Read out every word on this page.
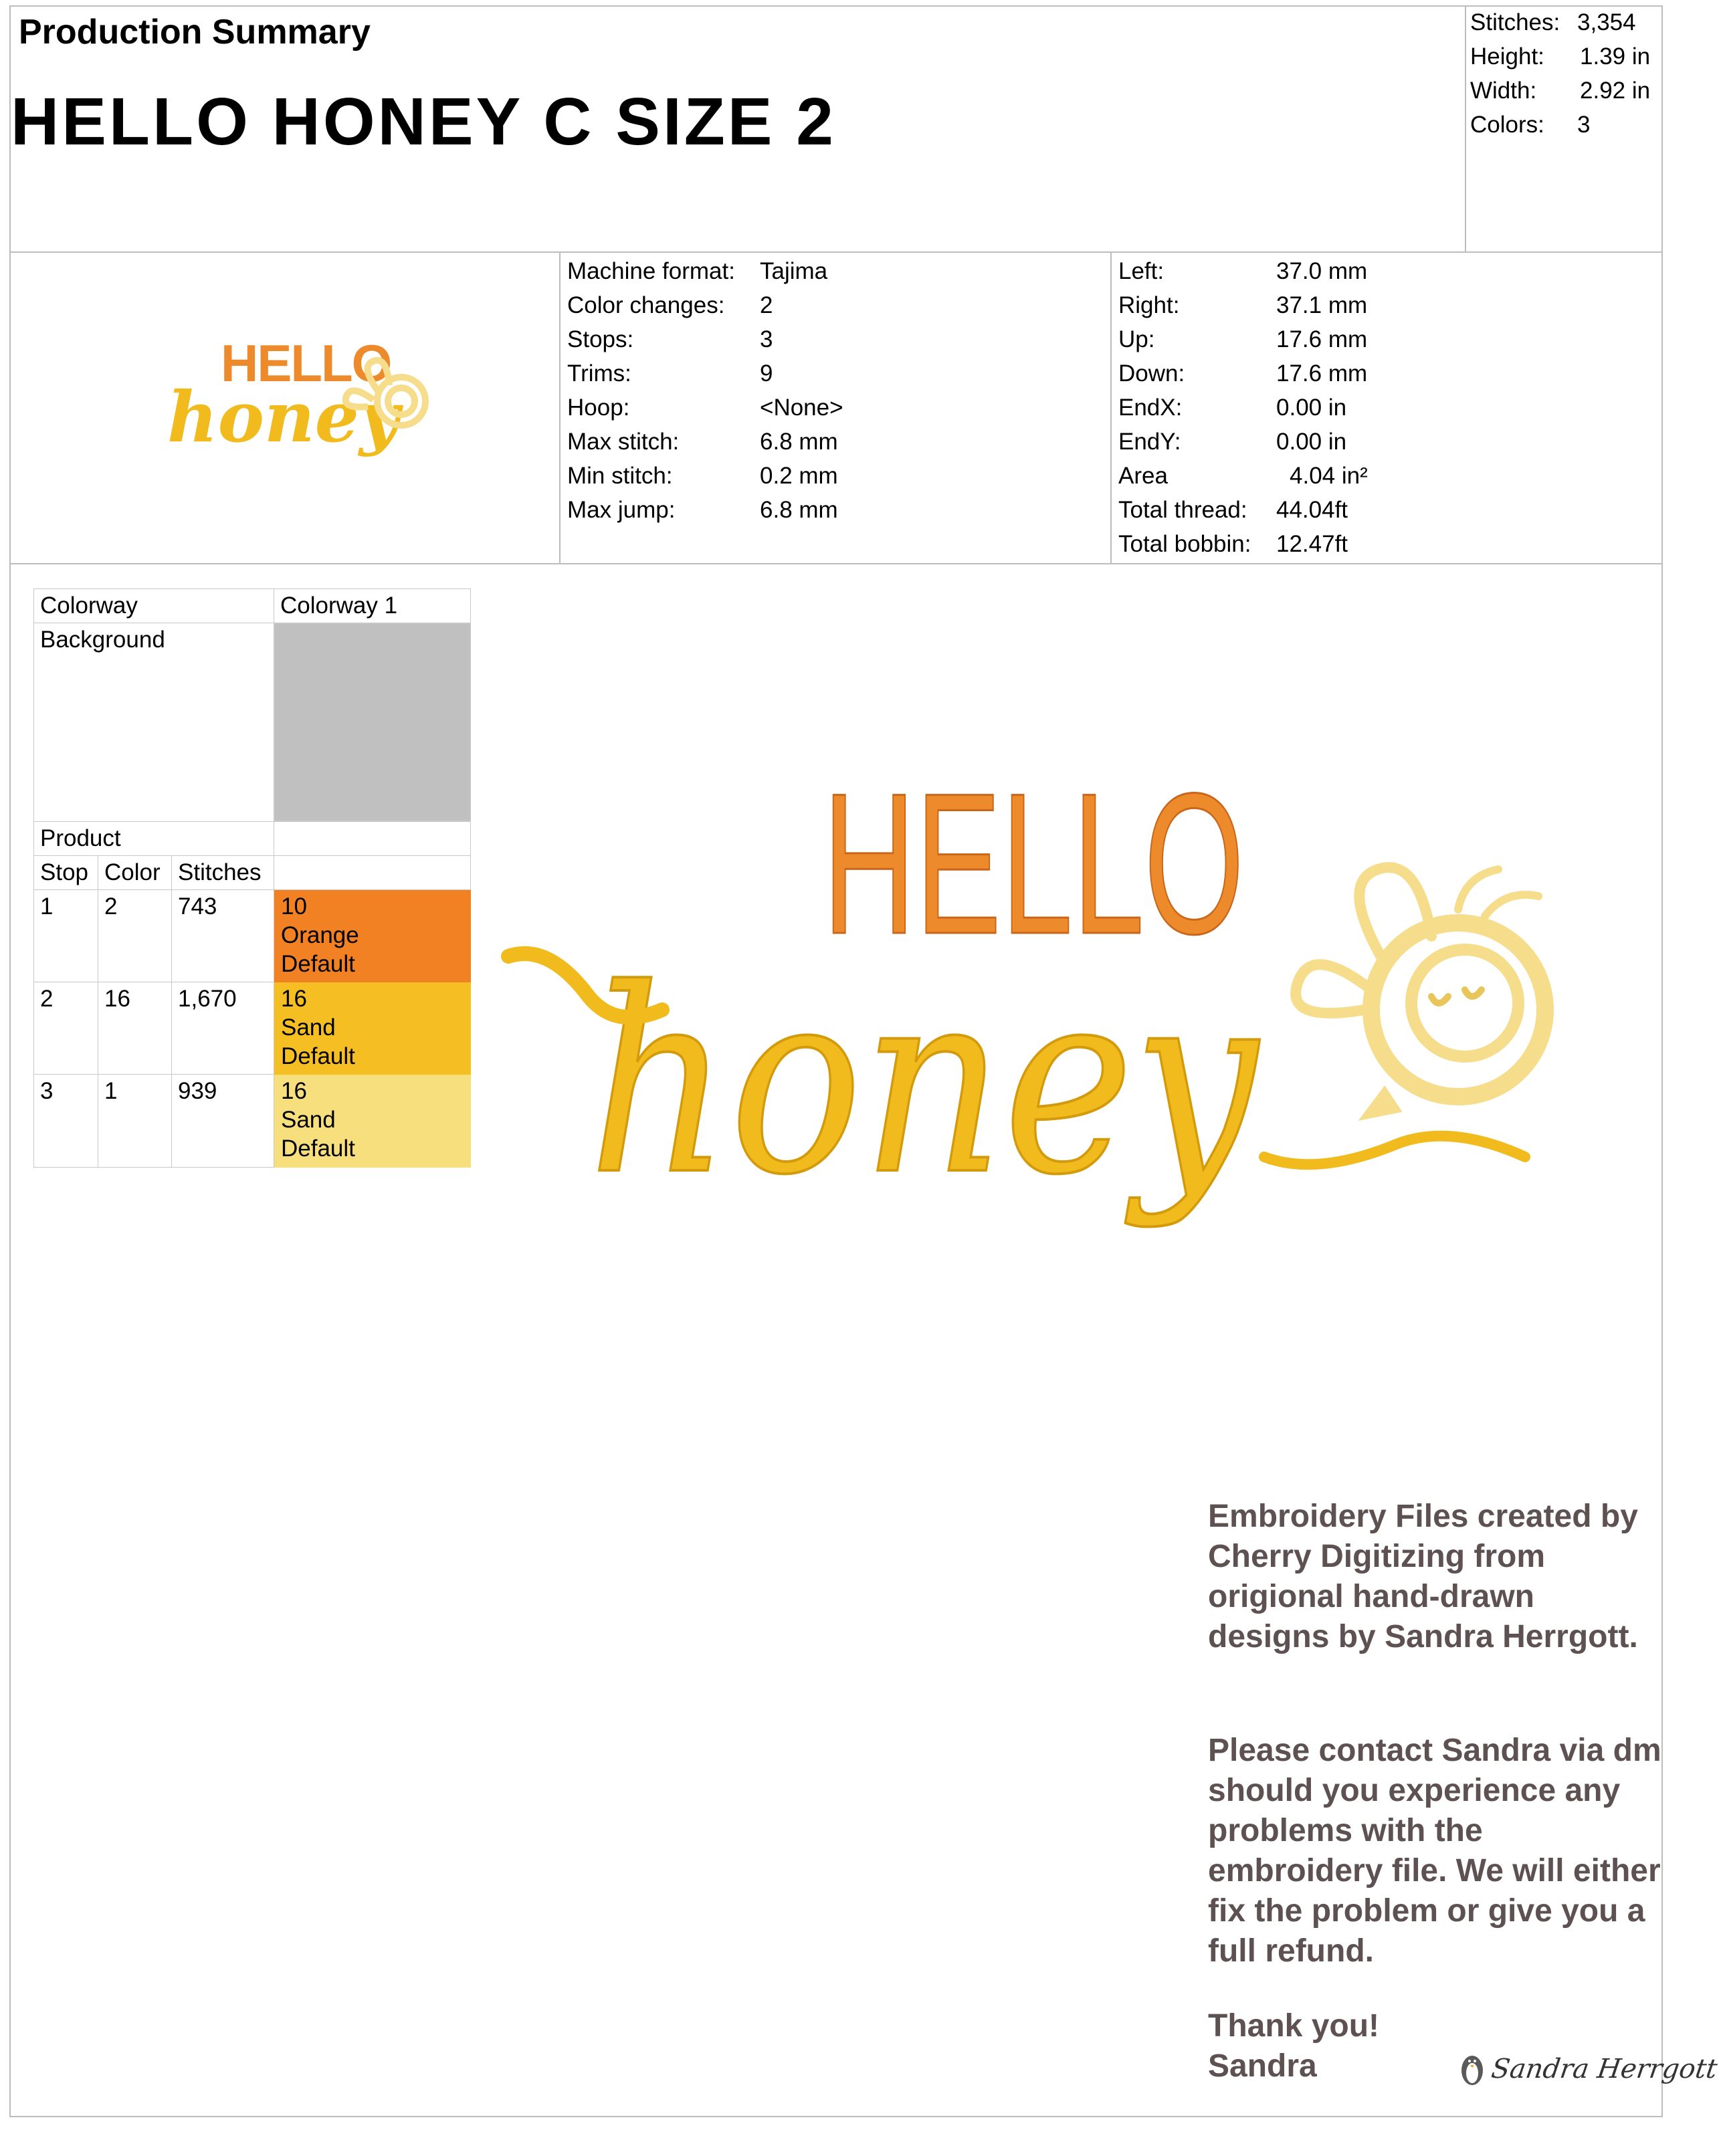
Production Summary
HELLO HONEY C SIZE 2
Stitches: 3,354
Height: 1.39 in
Width: 2.92 in
Colors: 3
HELLO
honey
Machine format: Tajima
Color changes: 2
Stops:	3
Trims:	9
Hoop:	<None>
Max stitch:	6.8 mm
Min stitch:	0.2 mm
Max jump:	6.8 mm
Left:	37.0 mm
Right:	37.1 mm
Up:	17.6 mm
Down:	17.6 mm
EndX:	0.00 in
EndY:	0.00 in
Area	4.04 in²
Total thread: 44.04ft
Total bobbin: 12.47ft
Colorway	Colorway 1
Background
Product
Stop Color Stitches
1	2	743	10
Orange
Default
2	16	1,670	16
Sand
Default
3	1	939	16
Sand
Default
HELLO
honey
Embroidery Files created by Cherry Digitizing from origional hand-drawn designs by Sandra Herrgott.
Please contact Sandra via dm should you experience any problems with the embroidery file. We will either fix the problem or give you a full refund.
Thank you!
Sandra	Sandra Herrgott
